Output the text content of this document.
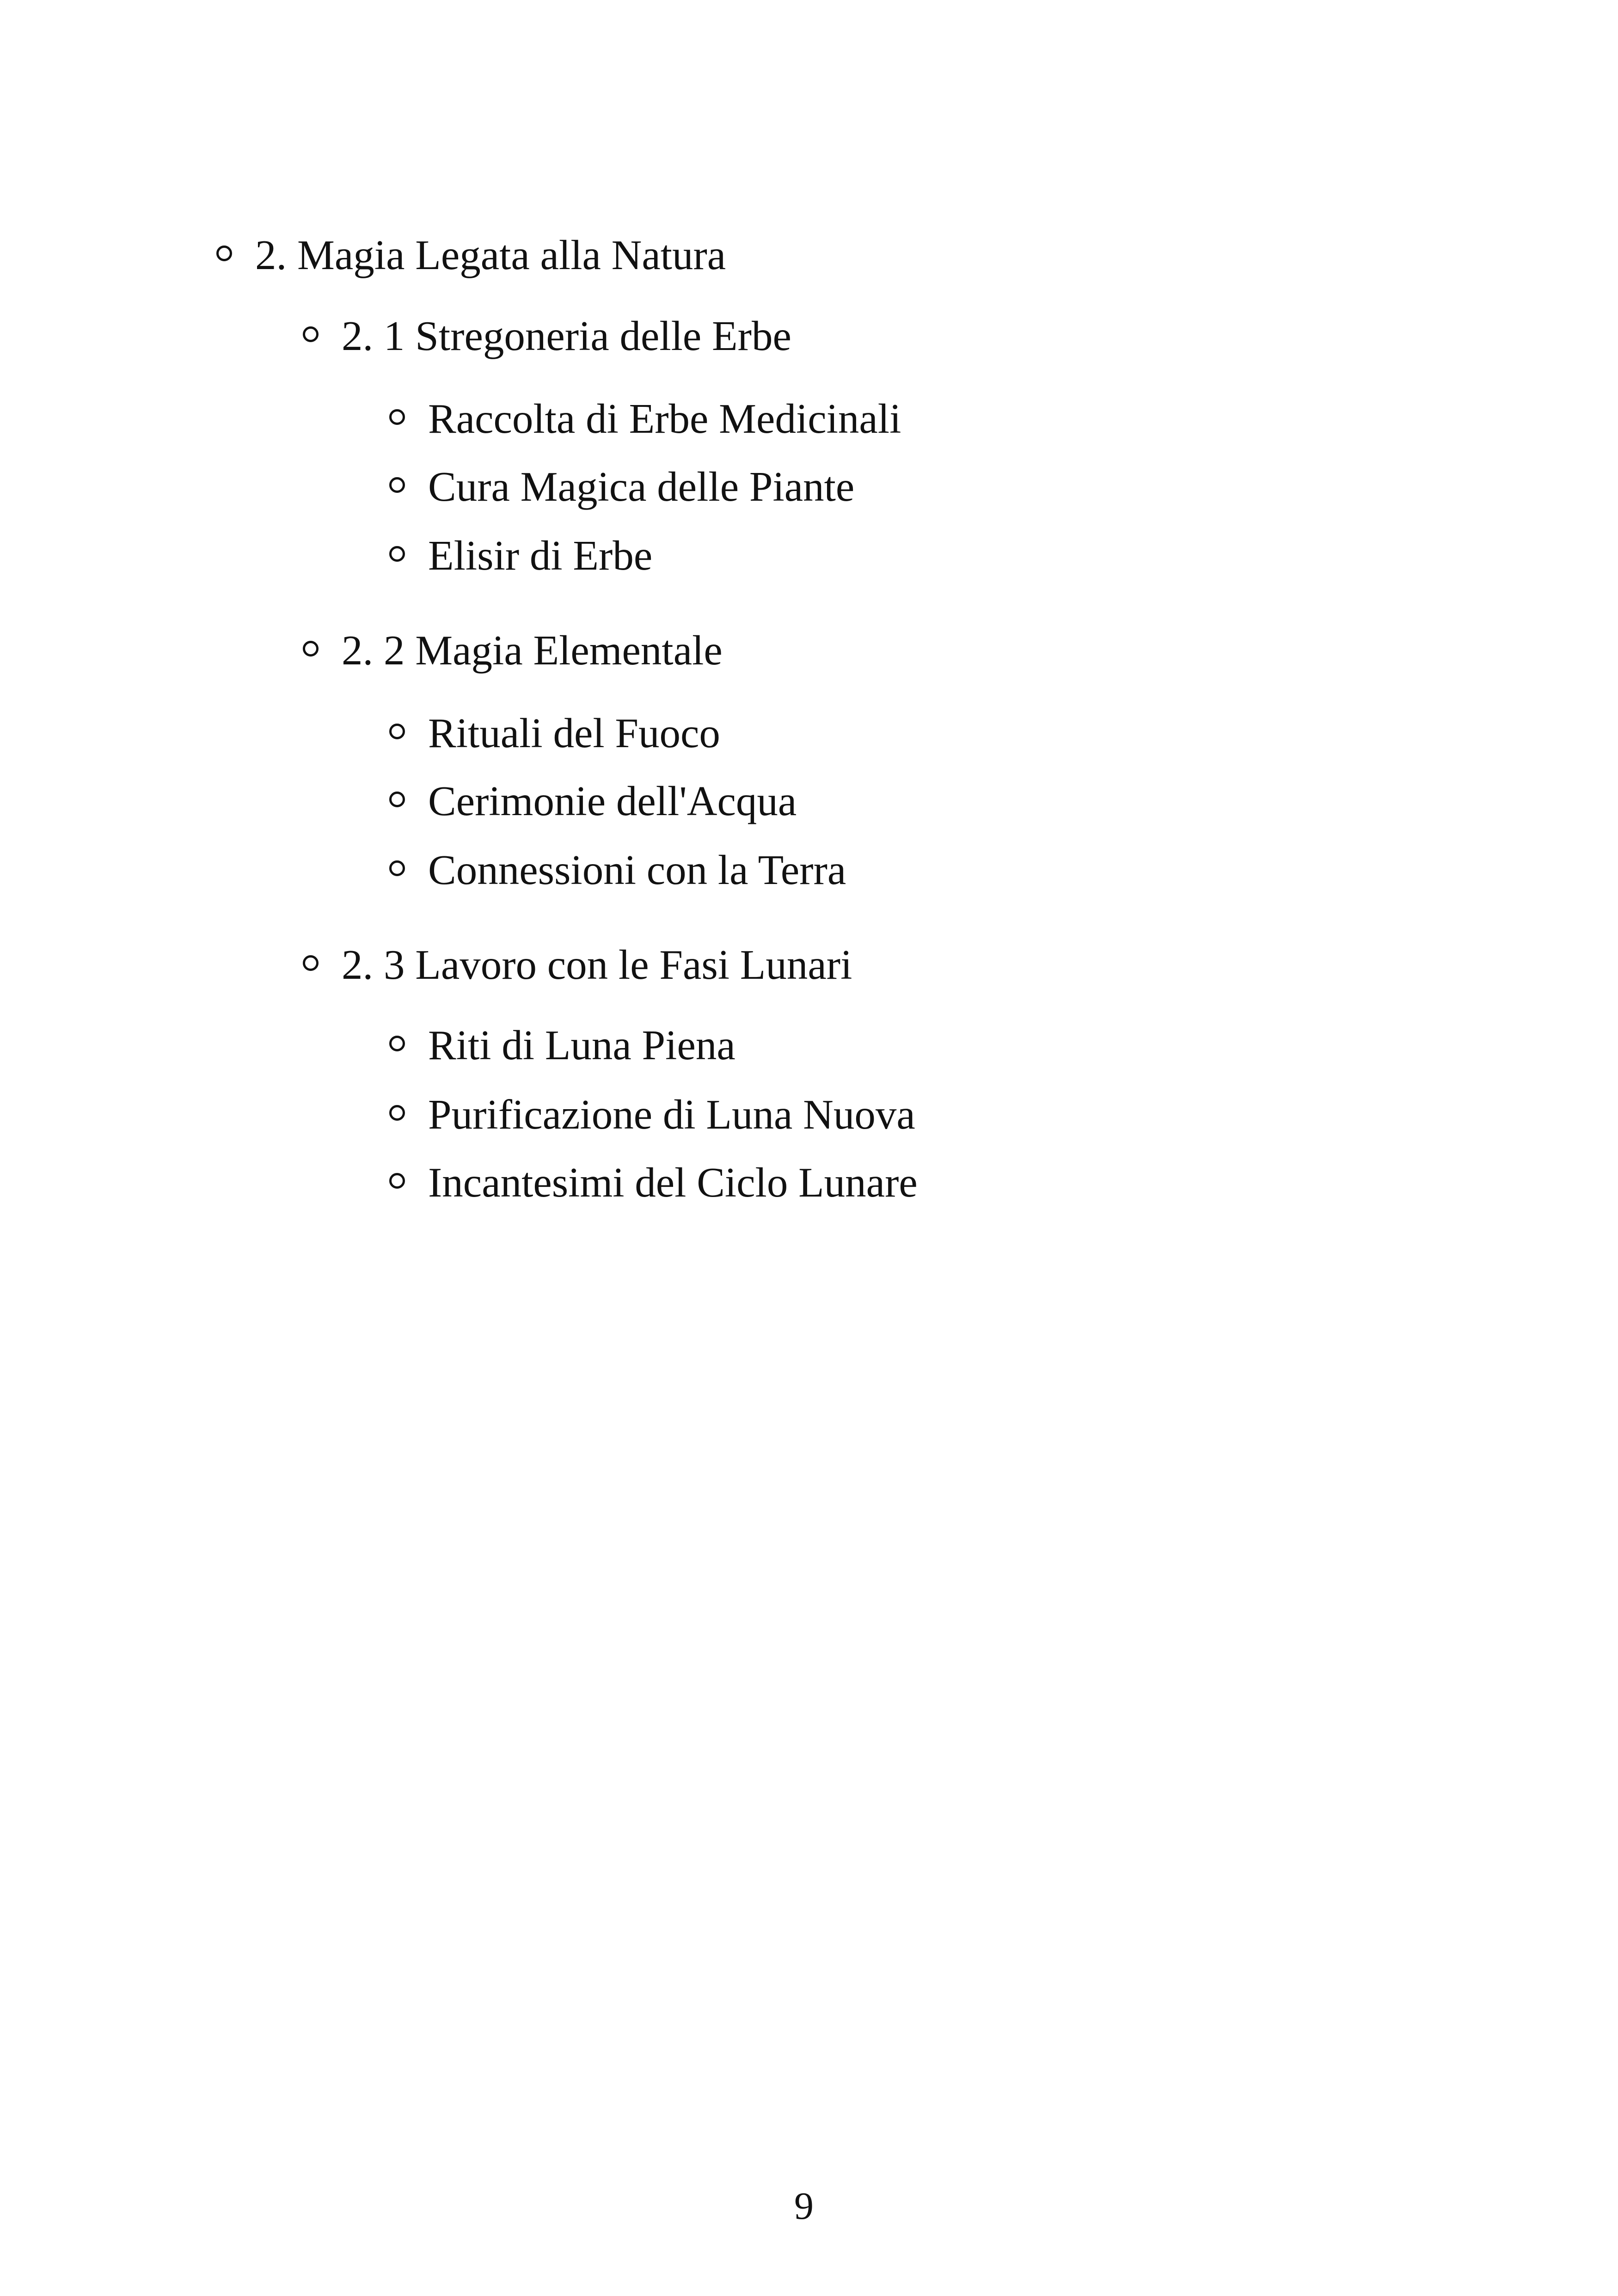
2. Magia Legata alla Natura
2. 1 Stregoneria delle Erbe
Raccolta di Erbe Medicinali
Cura Magica delle Piante
Elisir di Erbe
2. 2 Magia Elementale
Rituali del Fuoco
Cerimonie dell'Acqua
Connessioni con la Terra
2. 3 Lavoro con le Fasi Lunari
Riti di Luna Piena
Purificazione di Luna Nuova
Incantesimi del Ciclo Lunare
9
